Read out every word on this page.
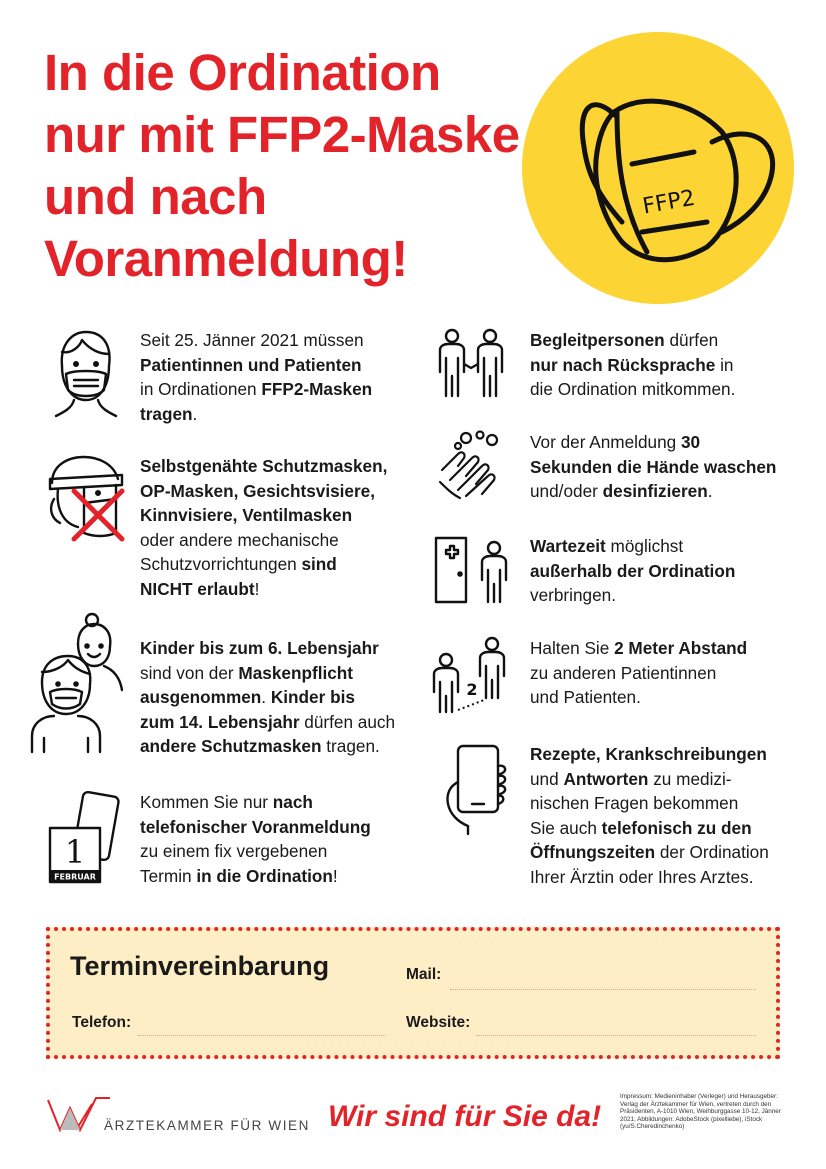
In die Ordination
nur mit FFP2-Maske
und nach
Voranmeldung!
FFP2
Seit 25. Jänner 2021 müssen
Patientinnen und Patienten
in Ordinationen FFP2-Masken
tragen.
Selbstgenähte Schutzmasken,
OP-Masken, Gesichtsvisiere,
Kinnvisiere, Ventilmasken
oder andere mechanische
Schutzvorrichtungen sind
NICHT erlaubt!
Kinder bis zum 6. Lebensjahr
sind von der Maskenpflicht
ausgenommen. Kinder bis
zum 14. Lebensjahr dürfen auch
andere Schutzmasken tragen.
1
FEBRUAR
Kommen Sie nur nach
telefonischer Voranmeldung
zu einem fix vergebenen
Termin in die Ordination!
Begleitpersonen dürfen
nur nach Rücksprache in
die Ordination mitkommen.
Vor der Anmeldung 30
Sekunden die Hände waschen
und/oder desinfizieren.
Wartezeit möglichst
außerhalb der Ordination
verbringen.
2
Halten Sie 2 Meter Abstand
zu anderen Patientinnen
und Patienten.
Rezepte, Krankschreibungen
und Antworten zu medizi-
nischen Fragen bekommen
Sie auch telefonisch zu den
Öffnungszeiten der Ordination
Ihrer Ärztin oder Ihres Arztes.
Terminvereinbarung	Mail:
Telefon:	Website:
ÄRZTEKAMMER FÜR WIEN Wir sind für Sie da!
Impressum: Medieninhaber (Verleger) und Herausgeber: Verlag der Ärztekammer für Wien, vertreten durch den Präsidenten, A-1010 Wien, Weihburggasse 10-12, Jänner 2021; Abbildungen: AdobeStock (pixelliebe), iStock (yu/S.Cheredinchenko)
